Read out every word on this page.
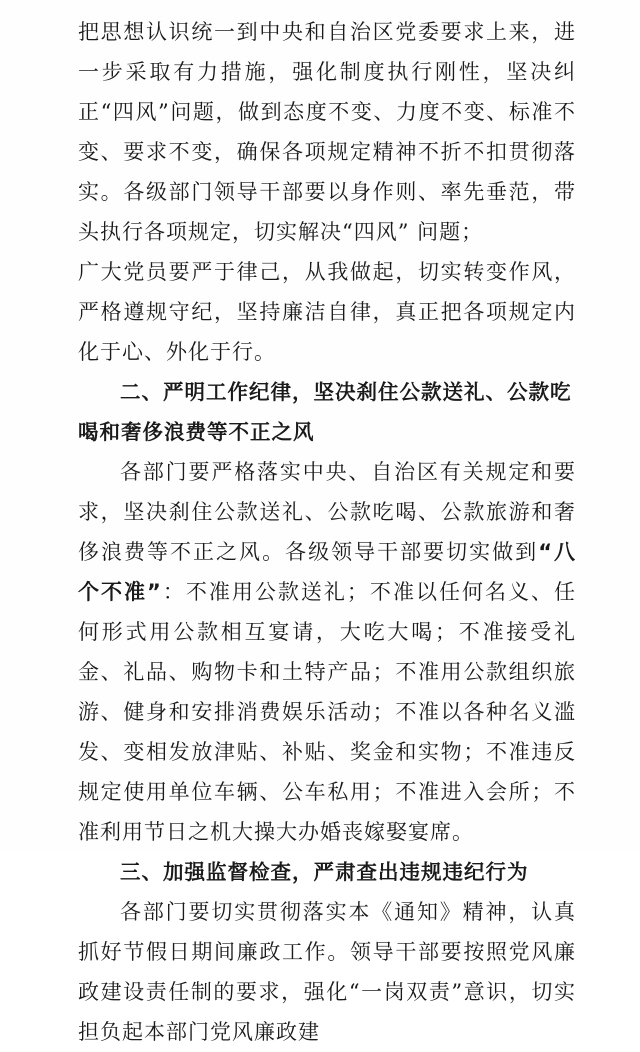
把思想认识统一到中央和自治区党委要求上来，进一步采取有力措施，强化制度执行刚性，坚决纠正“四风”问题，做到态度不变、力度不变、标准不变、要求不变，确保各项规定精神不折不扣贯彻落实。各级部门领导干部要以身作则、率先垂范，带头执行各项规定，切实解决“四风” 问题；

广大党员要严于律己，从我做起，切实转变作风，严格遵规守纪，坚持廉洁自律，真正把各项规定内化于心、外化于行。

二、严明工作纪律，坚决刹住公款送礼、公款吃喝和奢侈浪费等不正之风

各部门要严格落实中央、自治区有关规定和要求，坚决刹住公款送礼、公款吃喝、公款旅游和奢侈浪费等不正之风。各级领导干部要切实做到“八个不准”：不准用公款送礼；不准以任何名义、任何形式用公款相互宴请，大吃大喝；不准接受礼金、礼品、购物卡和土特产品；不准用公款组织旅游、健身和安排消费娱乐活动；不准以各种名义滥发、变相发放津贴、补贴、奖金和实物；不准违反规定使用单位车辆、公车私用；不准进入会所；不准利用节日之机大操大办婚丧嫁娶宴席。

三、加强监督检查，严肃查出违规违纪行为

各部门要切实贯彻落实本《通知》精神，认真抓好节假日期间廉政工作。领导干部要按照党风廉政建设责任制的要求，强化“一岗双责”意识，切实担负起本部门党风廉政建
